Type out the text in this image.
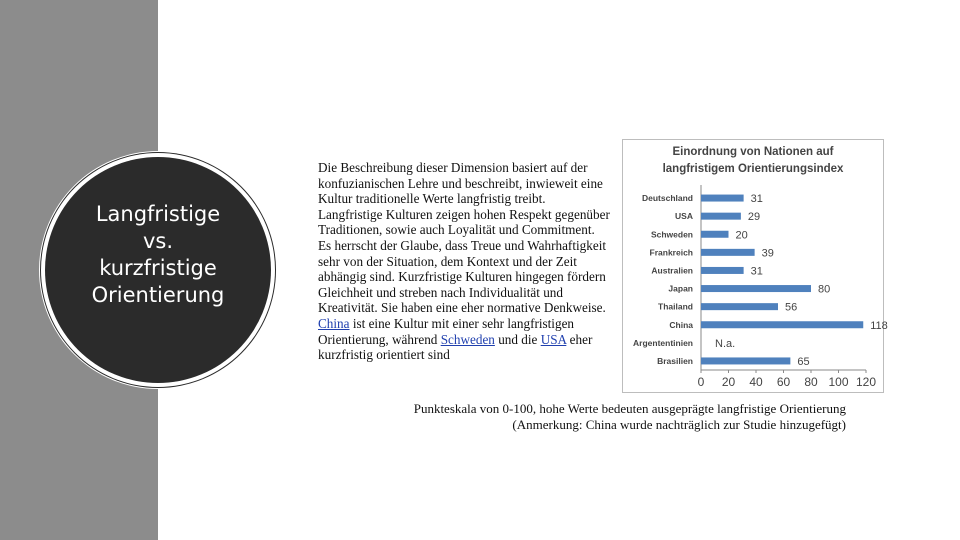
Langfristige
vs.
kurzfristige
Orientierung
Die Beschreibung dieser Dimension basiert auf der konfuzianischen Lehre und beschreibt, inwieweit eine Kultur traditionelle Werte langfristig treibt. Langfristige Kulturen zeigen hohen Respekt gegenüber Traditionen, sowie auch Loyalität und Commitment. Es herrscht der Glaube, dass Treue und Wahrhaftigkeit sehr von der Situation, dem Kontext und der Zeit abhängig sind. Kurzfristige Kulturen hingegen fördern Gleichheit und streben nach Individualität und Kreativität. Sie haben eine eher normative Denkweise. China ist eine Kultur mit einer sehr langfristigen Orientierung, während Schweden und die USA eher kurzfristig orientiert sind
Einordnung von Nationen auf
langfristigem Orientierungsindex
Deutschland	31
USA	29
Schweden	20
Frankreich	39
Australien	31
Japan	80
Thailand	56
China	118
Argententinien N.a.
Brasilien	65
0 20 40 60 80 100 120
Punkteskala von 0-100, hohe Werte bedeuten ausgeprägte langfristige Orientierung
(Anmerkung: China wurde nachträglich zur Studie hinzugefügt)
